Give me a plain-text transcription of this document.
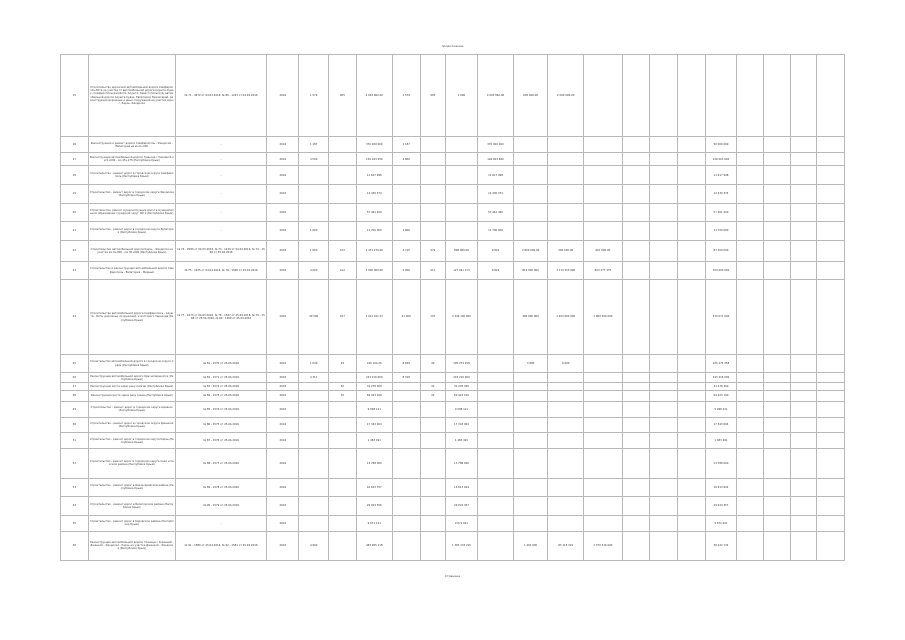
продолжение
15	Строительство дорожной автомобильной дороги Симферополь-Ялта на участке от автомобильной дороги Алушта-Судак, Симферопольская-Ялта, Алушта, Севастопольской, автомобильной дороги Алушта-Судак, Евпатория, Бахчисарай, реконструкция дорожных и иных сооружений на участке дорог, Керчь, Феодосия	№ 71 - 4472 от 04.03.2016, № 80 - 1243 от 04.04.2016	2016	1 579	905	4 093 862,00	1 579	905	1 000	4 093 862,00	605 000,00	2 000 000,00									
16	Реконструкция и ремонт дороги Симферополь - Феодосия - Евпатория на км 0+000	-	2016	1 187		370 000 000	1 187			370 000 000							50 000 000				
17	Реконструкция автомобильной дороги Граница с Украиной км 0+000 - км 45+275 (Республика Крым)	-	2016	4 500		156 043 059	4 800			126 003 600							126 003 600				
18	Строительство - ремонт дорог в городском округе Симферополь (Республика Крым)	-	2016			11 617 998				11 617 998							11 617 998				
19	Строительство - ремонт дорог в городском округе Феодосия (Республика Крым)	-	2016			12 430 374				12 430 374							12 430 374				
20	Строительство, ремонт и реконструкция дорог в муниципальном образовании городской округ Ялта (Республика Крым)	-	2016			57 461 400				57 461 400							57 461 400				
21	Строительство - ремонт дорог в городском округе Евпатория (Республика Крым)	-	2016	1 600		11 700 000	1 600			11 700 000							11 700 000				
22	Строительство автомобильной дороги Керчь - Феодосия на участке км 0+000 - км 30+000 (Республика Крым)	№ 72 - 4580 от 04.03.2016, № 73 - 1429 от 04.04.2016, № 74 - 1568 от 25.04.2016	2016	1 600	472	2 471 279,00	4 710	479	898 000,00	0,822	2 800 000,00	200 000,00	601 000,00				87 200 000				
23	Строительство и реконструкция автомобильной дороги Симферополь - Евпатория - Мирный	№ 75 - 1425 от 04.04.2016, № 76 - 1568 от 25.04.2016	2016	4 000	412	3 000 000,00	4 000	411	127 021 173	0,822	819 000 000	3 114 310 000	803 377 375				104 000 000				
24	Строительство автомобильной дороги Симферополь - Алушта - Ялта, дорожных сооружений, и мостового перехода (Республика Крым)	№ 77 - 4473 от 04.03.2016, № 78 - 1567 от 25.04.2016, № 79 - 1568 от 25.04.2016, № 80 - 1569 от 25.04.2016	2016	30 500	107	4 611 101 07	41 000	107	2 346 100 000		366 000 000	1 403 000 000	1 800 506 000				570 071 000				
25	Строительство автомобильной дороги в городском округе Судак (Республика Крым)	№ 81 - 1570 от 25.04.2016	2016	1 049	49	108 104,25	8 049	49	105 274 258		3 800	6 000					105 274 258				
26	Реконструкция автомобильной дороги Красноперекопск (Республика Крым)	№ 82 - 1571 от 25.04.2016	2016	4 311		243 216 000	8 318		243 216 000								243 216 000				
27	Реконструкция моста через реку Салгир (Республика Крым)	№ 83 - 1572 от 25.04.2016	2016		32	31 278 300		32	31 278 300								31 278 300				
28	Реконструкция моста через реку Альма (Республика Крым)	№ 84 - 1573 от 25.04.2016	2016		32	69 423 100		32	69 423 100								69 423 100				
29	Строительство - ремонт дорог в городском округе Армянск (Республика Крым)	№ 85 - 1574 от 25.04.2016	2016			9 098 121			9 098 121								9 098 121				
30	Строительство - ремонт дорог в городском округе Джанкой (Республика Крым)	№ 86 - 1575 от 25.04.2016	2016			17 343 004			17 343 004								17 343 004				
31	Строительство - ремонт дорог в городском округе Керчь (Республика Крым)	№ 87 - 1576 от 25.04.2016	2016			1 483 491			1 483 491								1 483 491				
32	Строительство - ремонт дорог в городском округе Саки и Сакском районе (Республика Крым)	№ 88 - 1577 от 25.04.2016	2016			13 788 000			13 788 000								13 788 000				
33	Строительство - ремонт дорог в Бахчисарайском районе (Республика Крым)	№ 89 - 1578 от 25.04.2016	2016			16 613 707			16 613 624								16 613 624				
34	Строительство - ремонт дорог в Белогорском районе (Республика Крым)	№ 90 - 1579 от 25.04.2016	2016			29 024 356			29 024 357								29 024 357				
35	Строительство - ремонт дорог в Кировском районе (Республика Крым)	-	2016			9 671 121			9 671 021								9 671 021				
36	Реконструкция автомобильной дороги Граница с Украиной - Джанкой - Феодосия - Керчь на участке Джанкой - Феодосия (Республика Крым)	№ 91 - 1580 от 25.04.2016, № 92 - 1581 от 25.04.2016	2016	4 900		483 965 118			1 381 133 216		1 261 000	83 114 322	1 370 316 000				36 122 134				
Страница
